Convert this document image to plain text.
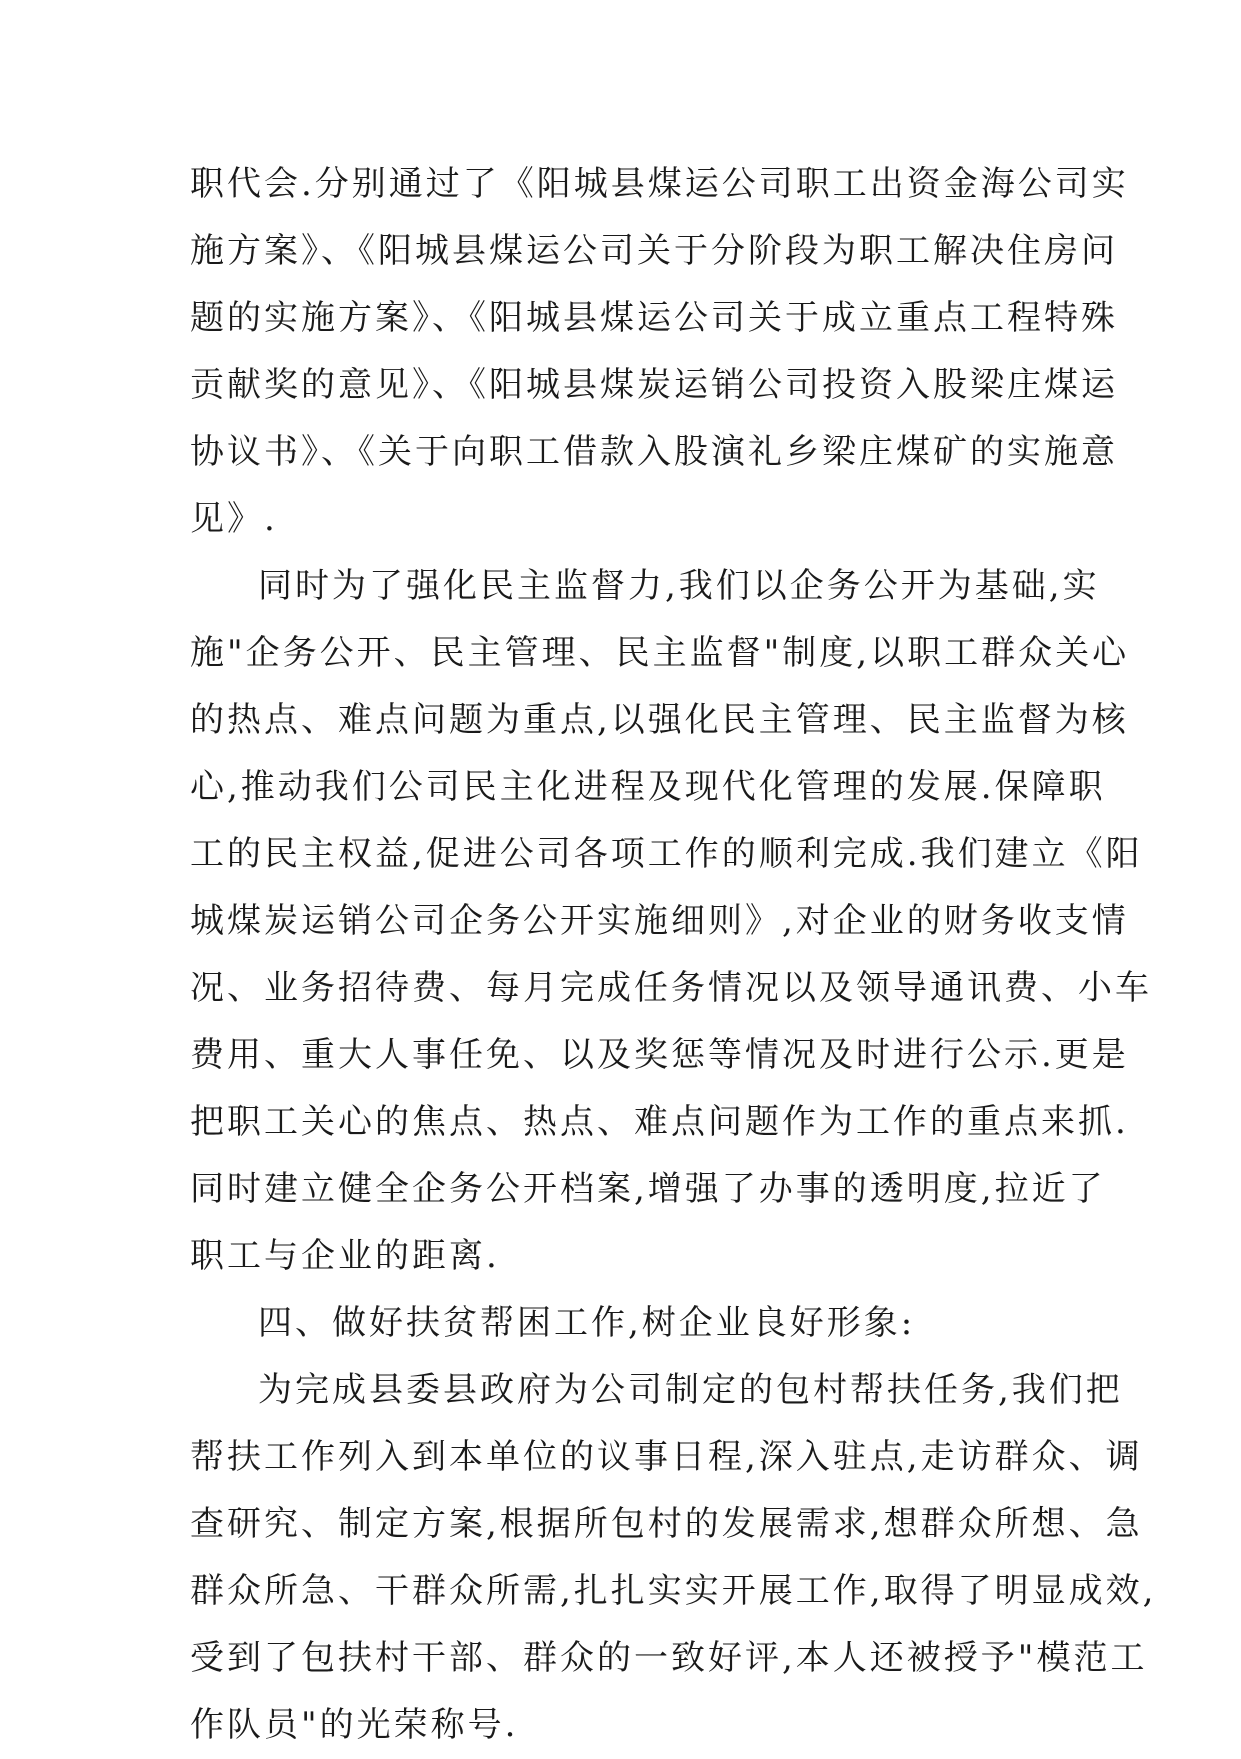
职代会.分别通过了《阳城县煤运公司职工出资金海公司实
施方案》、《阳城县煤运公司关于分阶段为职工解决住房问
题的实施方案》、《阳城县煤运公司关于成立重点工程特殊
贡献奖的意见》、《阳城县煤炭运销公司投资入股梁庄煤运
协议书》、《关于向职工借款入股演礼乡梁庄煤矿的实施意
见》.
同时为了强化民主监督力,我们以企务公开为基础,实
施"企务公开、民主管理、民主监督"制度,以职工群众关心
的热点、难点问题为重点,以强化民主管理、民主监督为核
心,推动我们公司民主化进程及现代化管理的发展.保障职
工的民主权益,促进公司各项工作的顺利完成.我们建立《阳
城煤炭运销公司企务公开实施细则》,对企业的财务收支情
况、业务招待费、每月完成任务情况以及领导通讯费、小车
费用、重大人事任免、以及奖惩等情况及时进行公示.更是
把职工关心的焦点、热点、难点问题作为工作的重点来抓.
同时建立健全企务公开档案,增强了办事的透明度,拉近了
职工与企业的距离.
四、做好扶贫帮困工作,树企业良好形象:
为完成县委县政府为公司制定的包村帮扶任务,我们把
帮扶工作列入到本单位的议事日程,深入驻点,走访群众、调
查研究、制定方案,根据所包村的发展需求,想群众所想、急
群众所急、干群众所需,扎扎实实开展工作,取得了明显成效,
受到了包扶村干部、群众的一致好评,本人还被授予"模范工
作队员"的光荣称号.
